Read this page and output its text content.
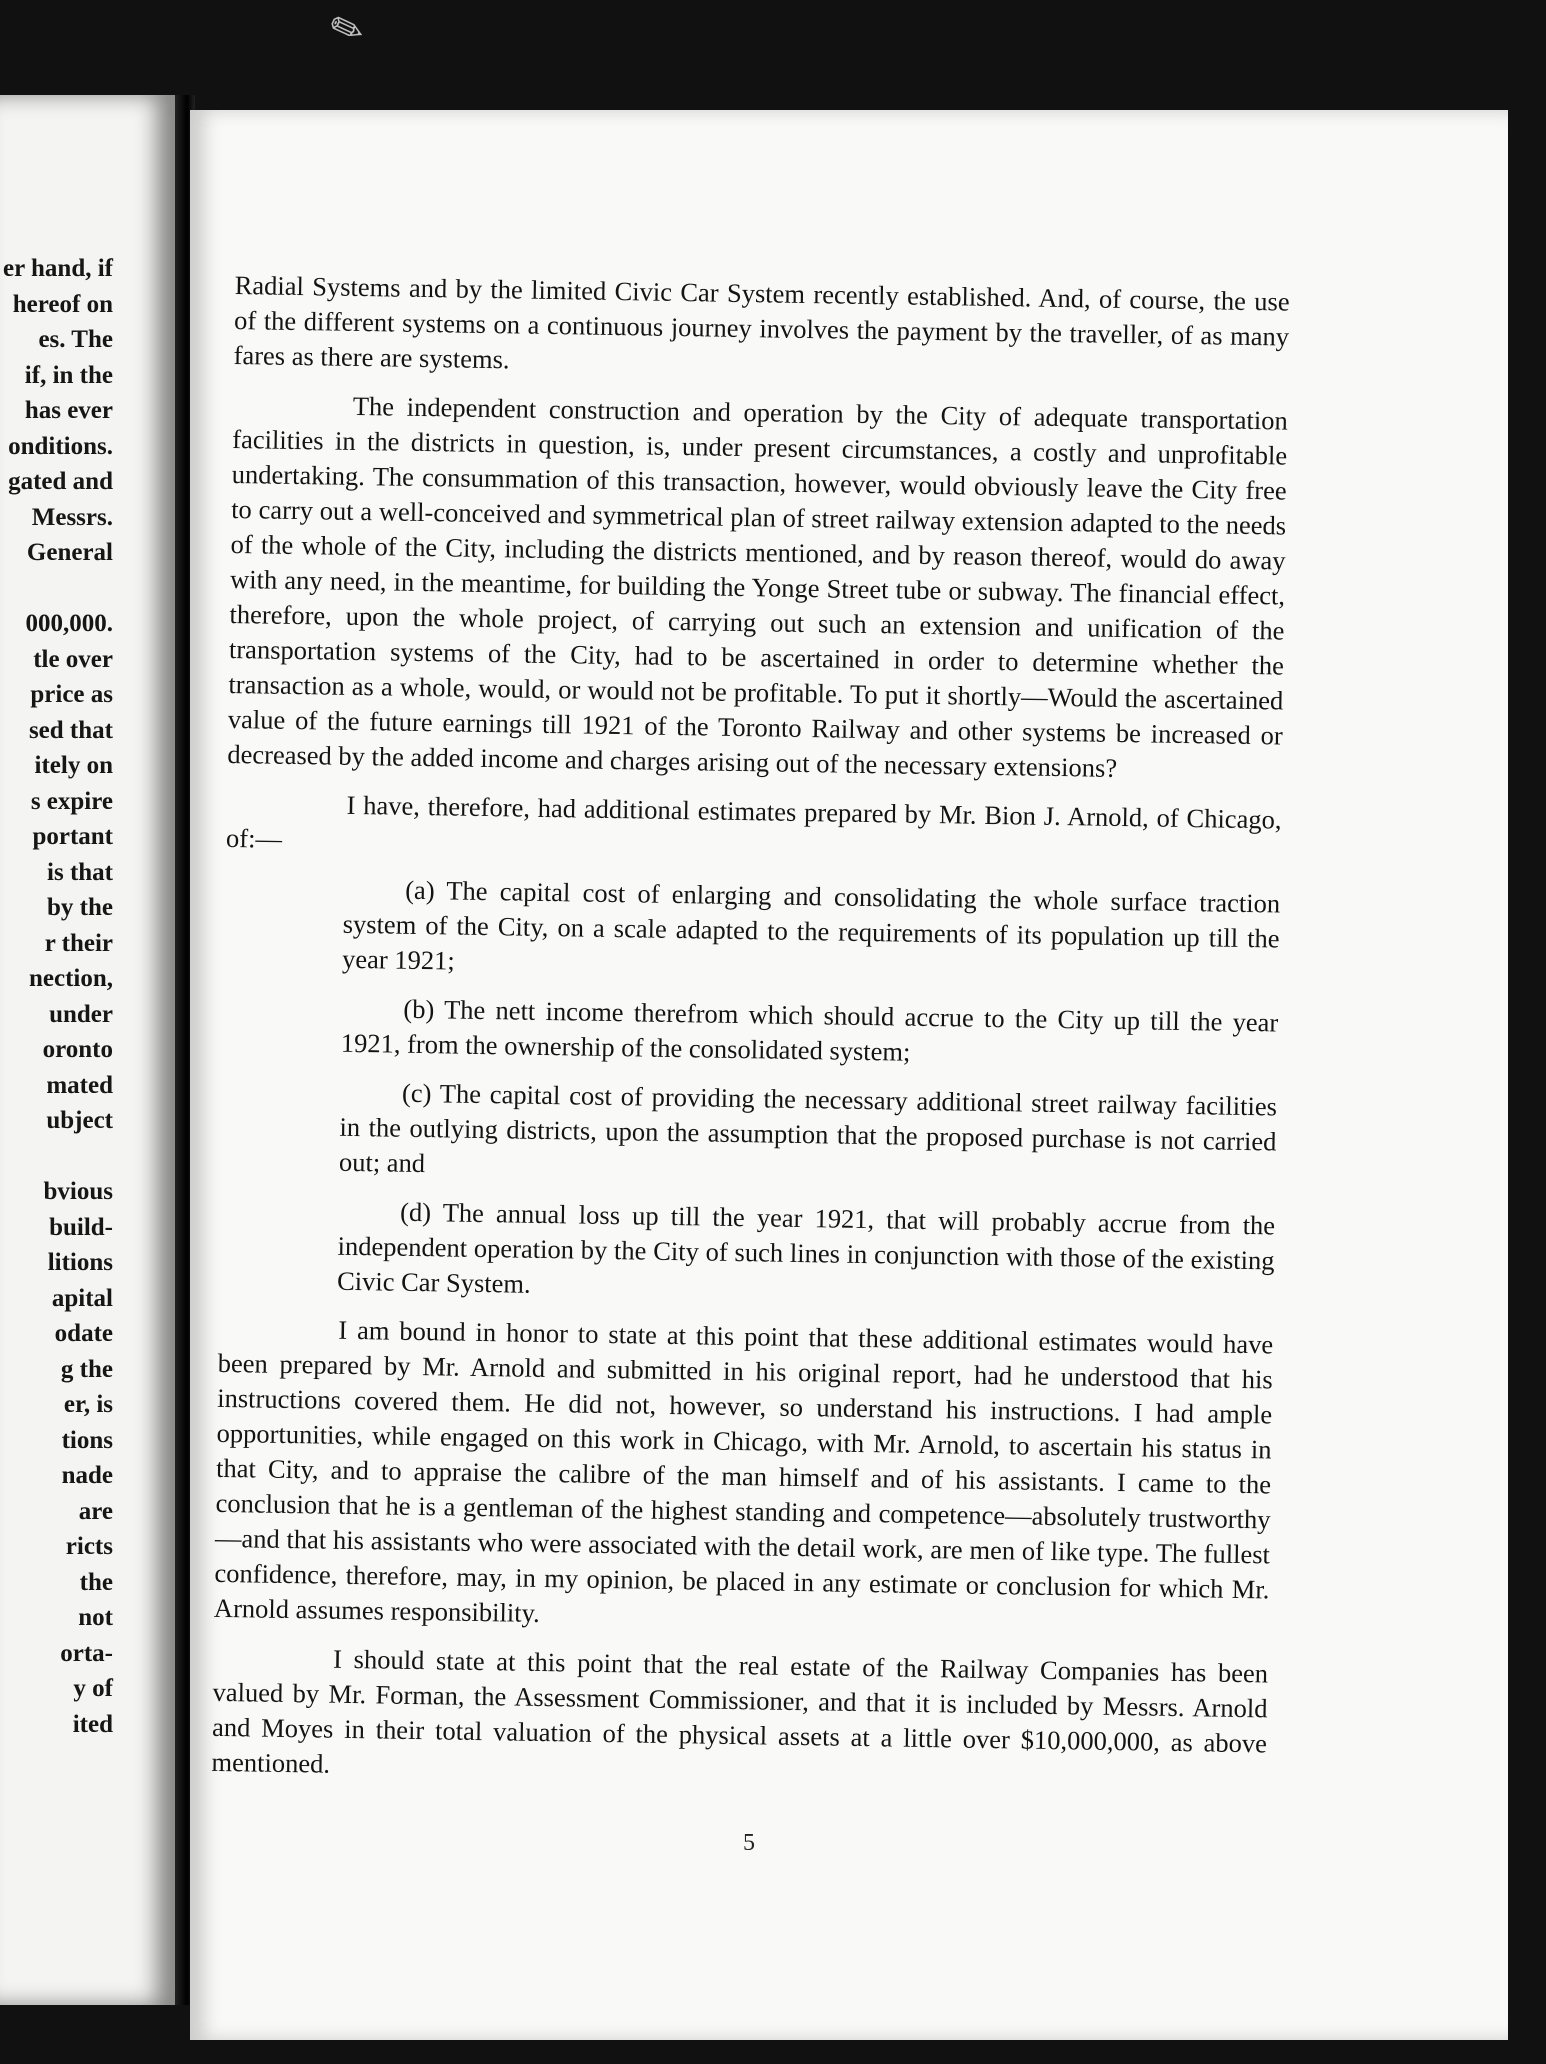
✎
er hand, if
hereof on
es. The
if, in the
has ever
onditions.
gated and
Messrs.
General
000,000.
tle over
price as
sed that
itely on
s expire
portant
is that
by the
r their
nection,
under
oronto
mated
ubject
bvious
build-
litions
apital
odate
g the
er, is
tions
nade
are
ricts
the
not
orta-
y of
ited

Radial Systems and by the limited Civic Car System recently established. And, of course, the use of the different systems on a continuous journey involves the payment by the traveller, of as many fares as there are systems.

The independent construction and operation by the City of adequate transportation facilities in the districts in question, is, under present circumstances, a costly and unprofitable undertaking. The consummation of this transaction, however, would obviously leave the City free to carry out a well-conceived and symmetrical plan of street railway extension adapted to the needs of the whole of the City, including the districts mentioned, and by reason thereof, would do away with any need, in the meantime, for building the Yonge Street tube or subway. The financial effect, therefore, upon the whole project, of carrying out such an extension and unification of the transportation systems of the City, had to be ascertained in order to determine whether the transaction as a whole, would, or would not be profitable. To put it shortly—Would the ascertained value of the future earnings till 1921 of the Toronto Railway and other systems be increased or decreased by the added income and charges arising out of the necessary extensions?

I have, therefore, had additional estimates prepared by Mr. Bion J. Arnold, of Chicago, of:—

(a) The capital cost of enlarging and consolidating the whole surface traction system of the City, on a scale adapted to the requirements of its population up till the year 1921;

(b) The nett income therefrom which should accrue to the City up till the year 1921, from the ownership of the consolidated system;

(c) The capital cost of providing the necessary additional street railway facilities in the outlying districts, upon the assumption that the proposed purchase is not carried out; and

(d) The annual loss up till the year 1921, that will probably accrue from the independent operation by the City of such lines in conjunction with those of the existing Civic Car System.

I am bound in honor to state at this point that these additional estimates would have been prepared by Mr. Arnold and submitted in his original report, had he understood that his instructions covered them. He did not, however, so understand his instructions. I had ample opportunities, while engaged on this work in Chicago, with Mr. Arnold, to ascertain his status in that City, and to appraise the calibre of the man himself and of his assistants. I came to the conclusion that he is a gentleman of the highest standing and competence—absolutely trustworthy—and that his assistants who were associated with the detail work, are men of like type. The fullest confidence, therefore, may, in my opinion, be placed in any estimate or conclusion for which Mr. Arnold assumes responsibility.

I should state at this point that the real estate of the Railway Companies has been valued by Mr. Forman, the Assessment Commissioner, and that it is included by Messrs. Arnold and Moyes in their total valuation of the physical assets at a little over $10,000,000, as above mentioned.

5
